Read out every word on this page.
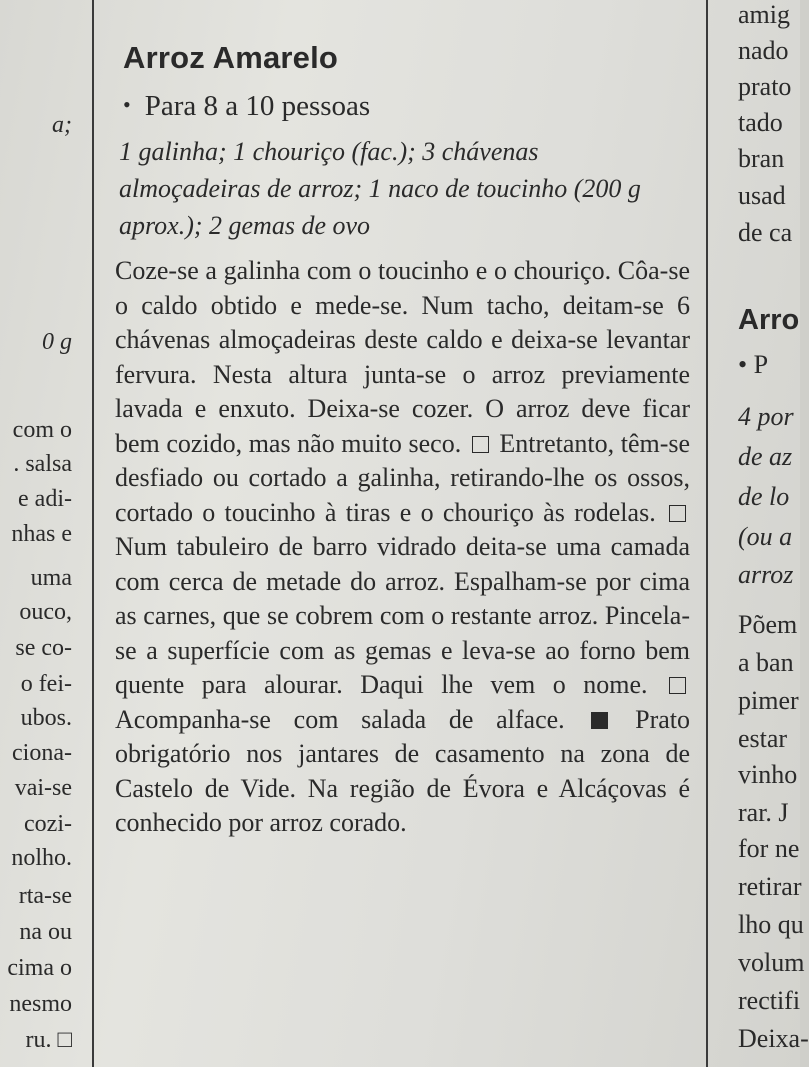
a;
0 g
com o
. salsa
e adi-
nhas e
uma
ouco,
se co-
o fei-
ubos.
ciona-
vai-se
cozi-
nolho.
rta-se
na ou
cima o
nesmo
ru. □
Arroz Amarelo
• Para 8 a 10 pessoas

1 galinha; 1 chouriço (fac.); 3 chávenas almoçadeiras de arroz; 1 naco de toucinho (200 g aprox.); 2 gemas de ovo

Coze-se a galinha com o toucinho e o chouriço. Côa-se o caldo obtido e mede-se. Num tacho, deitam-se 6 chávenas almoçadeiras deste caldo e deixa-se levantar fervura. Nesta altura junta-se o arroz previamente lavada e enxuto. Deixa-se cozer. O arroz deve ficar bem cozido, mas não muito seco. Entretanto, têm-se desfiado ou cortado a galinha, retirando-lhe os ossos, cortado o toucinho à tiras e o chouriço às rodelas.  Num tabuleiro de barro vidrado deita-se uma camada com cerca de metade do arroz. Espalham-se por cima as carnes, que se cobrem com o restante arroz. Pincela-se a superfície com as gemas e leva-se ao forno bem quente para alourar. Daqui lhe vem o nome.  Acompanha-se com salada de alface.	Prato obrigatório nos jantares de casamento na zona de Castelo de Vide. Na região de Évora e Alcáçovas é conhecido por arroz corado.

amig
nado
prato
tado
bran
usad
de ca
Arro
• P
4 por
de az
de lo
(ou a
arroz
Põem
a ban
pimer
estar
vinho
rar. J
for ne
retirar
lho qu
volum
rectifi
Deixa-
